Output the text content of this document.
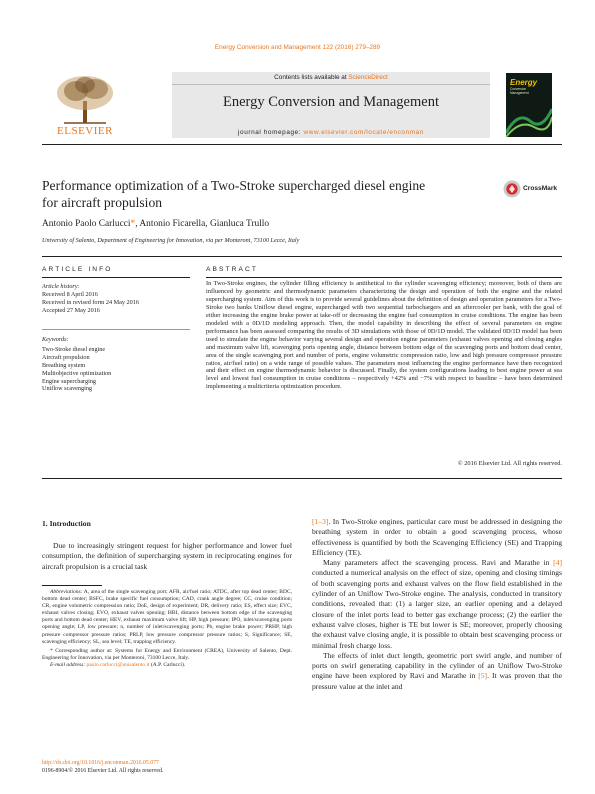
Energy Conversion and Management 122 (2016) 279–289
ELSEVIER
Contents lists available at ScienceDirect
Energy Conversion and Management
journal homepage: www.elsevier.com/locate/enconman
Energy
Conversion
Management
Performance optimization of a Two-Stroke supercharged diesel engine
for aircraft propulsion
CrossMark
Antonio Paolo Carlucci*, Antonio Ficarella, Gianluca Trullo
University of Salento, Department of Engineering for Innovation, via per Monteroni, 73100 Lecce, Italy
ARTICLE INFO
Article history:
Received 8 April 2016
Received in revised form 24 May 2016
Accepted 27 May 2016
Keywords:
Two-Stroke diesel engine
Aircraft propulsion
Breathing system
Multiobjective optimization
Engine supercharging
Uniflow scavenging
ABSTRACT
In Two-Stroke engines, the cylinder filling efficiency is antithetical to the cylinder scavenging efficiency; moreover, both of them are influenced by geometric and thermodynamic parameters characterizing the design and operation of both the engine and the related supercharging system. Aim of this work is to provide several guidelines about the definition of design and operation parameters for a Two-Stroke two banks Uniflow diesel engine, supercharged with two sequential turbochargers and an aftercooler per bank, with the goal of either increasing the engine brake power at take-off or decreasing the engine fuel consumption in cruise conditions. The engine has been modeled with a 0D/1D modeling approach. Then, the model capability in describing the effect of several parameters on engine performance has been assessed comparing the results of 3D simulations with those of 0D/1D model. The validated 0D/1D model has been used to simulate the engine behavior varying several design and operation engine parameters (exhaust valves opening and closing angles and maximum valve lift, scavenging ports opening angle, distance between bottom edge of the scavenging ports and bottom dead center, area of the single scavenging port and number of ports, engine volumetric compression ratio, low and high pressure compressor pressure ratios, air/fuel ratio) on a wide range of possible values. The parameters most influencing the engine performance have then recognized and their effect on engine thermodynamic behavior is discussed. Finally, the system configurations leading to best engine power at sea level and lowest fuel consumption in cruise conditions – respectively +42% and −7% with respect to baseline – have been determined implementing a multicriteria optimization procedure.
© 2016 Elsevier Ltd. All rights reserved.
1. Introduction

Due to increasingly stringent request for higher performance and lower fuel consumption, the definition of supercharging system in reciprocating engines for aircraft propulsion is a crucial task

Abbreviations: A, area of the single scavenging port; AFR, air/fuel ratio; ATDC, after top dead center; BDC, bottom dead center; BSFC, brake specific fuel consumption; CAD, crank angle degree; CC, cruise condition; CR, engine volumetric compression ratio; DoE, design of experiment; DR, delivery ratio; ES, effect size; EVC, exhaust valves closing; EVO, exhaust valves opening; HBI, distance between bottom edge of the scavenging ports and bottom dead center; HEV, exhaust maximum valve lift; HP, high pressure; IPO, inlet/scavenging ports opening angle; LP, low pressure; n, number of inlet/scavenging ports; Pb, engine brake power; PRHP, high pressure compressor pressure ratios; PRLP, low pressure compressor pressure ratios; S, Significance; SE, scavenging efficiency; SL, sea level; TE, trapping efficiency.

* Corresponding author at: Systems for Energy and Environment (CREA), University of Salento, Dept. Engineering for Innovation, via per Monteroni, 73100 Lecce, Italy.

E-mail address: paolo.carlucci@unisalento.it (A.P. Carlucci).

http://dx.doi.org/10.1016/j.enconman.2016.05.077
0196-8904/© 2016 Elsevier Ltd. All rights reserved.

[1–3]. In Two-Stroke engines, particular care must be addressed in designing the breathing system in order to obtain a good scavenging process, whose effectiveness is quantified by both the Scavenging Efficiency (SE) and Trapping Efficiency (TE).

Many parameters affect the scavenging process. Ravi and Marathe in [4] conducted a numerical analysis on the effect of size, opening and closing timings of both scavenging ports and exhaust valves on the flow field established in the cylinder of an Uniflow Two-Stroke engine. The analysis, conducted in transitory conditions, revealed that: (1) a larger size, an earlier opening and a delayed closure of the inlet ports lead to better gas exchange process; (2) the earlier the exhaust valve closes, higher is TE but lower is SE; moreover, properly choosing the exhaust valve closing angle, it is possible to obtain best scavenging process or minimal fresh charge loss.

The effects of inlet duct length, geometric port swirl angle, and number of ports on swirl generating capability in the cylinder of an Uniflow Two-Stroke engine have been explored by Ravi and Marathe in [5]. It was proven that the pressure value at the inlet and
